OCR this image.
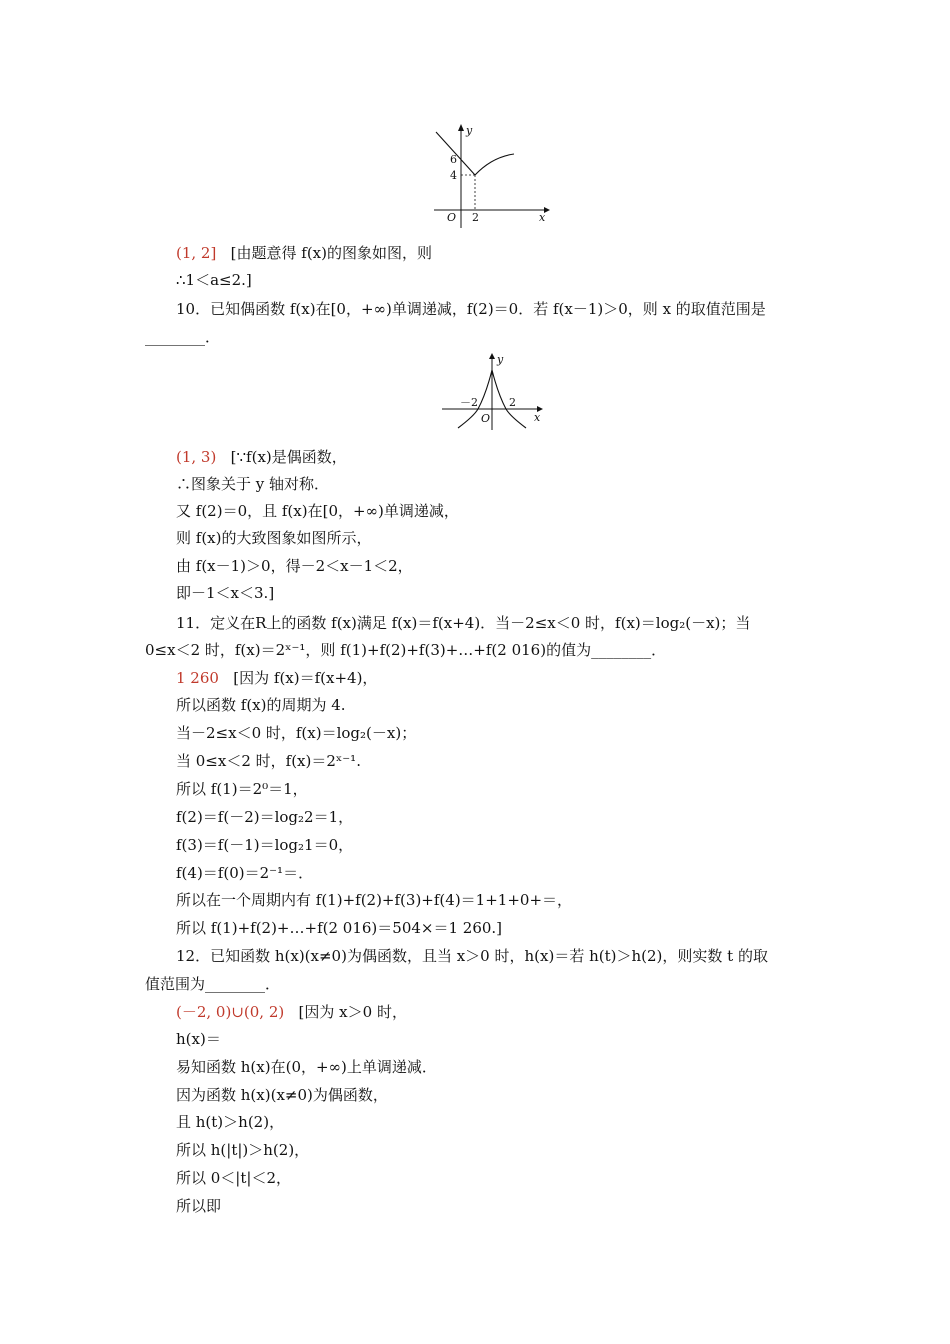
y
x
6
4
O 2
(1, 2] [由题意得 f(x)的图象如图，则
∴1＜a≤2.]
10．已知偶函数 f(x)在[0，+∞)单调递减，f(2)＝0．若 f(x－1)＞0，则 x 的取值范围是
________．
y
x
－2	2
O
(1, 3) [∵f(x)是偶函数，
∴图象关于 y 轴对称．
又 f(2)＝0，且 f(x)在[0，+∞)单调递减，
则 f(x)的大致图象如图所示，
由 f(x－1)＞0，得－2＜x－1＜2，
即－1＜x＜3.]
11．定义在R上的函数 f(x)满足 f(x)＝f(x+4)．当－2≤x＜0 时，f(x)＝log₂(－x)；当
0≤x＜2 时，f(x)＝2ˣ⁻¹，则 f(1)+f(2)+f(3)+…+f(2 016)的值为________．
1 260 [因为 f(x)＝f(x+4)，
所以函数 f(x)的周期为 4.
当－2≤x＜0 时，f(x)＝log₂(－x)；
当 0≤x＜2 时，f(x)＝2ˣ⁻¹.
所以 f(1)＝2⁰＝1，
f(2)＝f(－2)＝log₂2＝1，
f(3)＝f(－1)＝log₂1＝0，
f(4)＝f(0)＝2⁻¹＝．
所以在一个周期内有 f(1)+f(2)+f(3)+f(4)＝1+1+0+＝，
所以 f(1)+f(2)+…+f(2 016)＝504×＝1 260.]
12．已知函数 h(x)(x≠0)为偶函数，且当 x＞0 时，h(x)＝若 h(t)＞h(2)，则实数 t 的取
值范围为________．
(－2, 0)∪(0, 2) [因为 x＞0 时，
h(x)＝
易知函数 h(x)在(0，+∞)上单调递减．
因为函数 h(x)(x≠0)为偶函数，
且 h(t)＞h(2)，
所以 h(|t|)＞h(2)，
所以 0＜|t|＜2，
所以即
